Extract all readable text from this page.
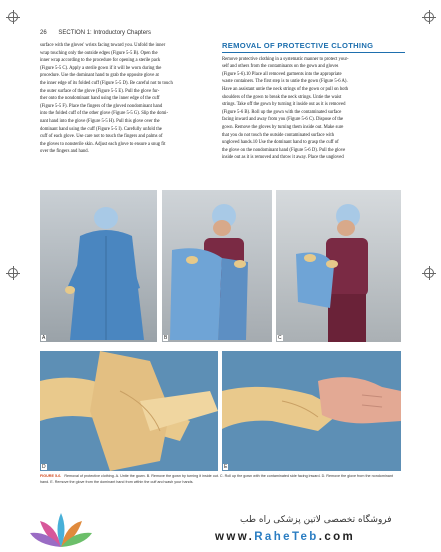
26 SECTION 1: Introductory Chapters
surface with the gloves' wrists facing toward you. Unfold the inner
wrap touching only the outside edges (Figure 5-5 B). Open the
inner wrap according to the procedure for opening a sterile pack
(Figure 5-5 C). Apply a sterile gown if it will be worn during the
procedure. Use the dominant hand to grab the opposite glove at
the inner edge of its folded cuff (Figure 5-5 D). Be careful not to touch
the outer surface of the glove (Figure 5-5 E). Pull the glove fur-
ther onto the nondominant hand using the inner edge of the cuff
(Figure 5-5 F). Place the fingers of the gloved nondominant hand
into the folded cuff of the other glove (Figure 5-5 G). Slip the domi-
nant hand into the glove (Figure 5-5 H). Pull this glove over the
dominant hand using the cuff (Figure 5-5 I). Carefully unfold the
cuff of each glove. Use care not to touch the fingers and palms of
the gloves to nonsterile skin. Adjust each glove to ensure a snug fit
over the fingers and hand.
REMOVAL OF PROTECTIVE CLOTHING
Remove protective clothing in a systematic manner to protect your-
self and others from the contaminants on the gown and gloves
(Figure 5-6).10 Place all removed garments into the appropriate
waste containers. The first step is to untie the gown (Figure 5-6 A).
Have an assistant untie the neck strings of the gown or pull on both
shoulders of the gown to break the neck strings. Untie the waist
strings. Take off the gown by turning it inside out as it is removed
(Figure 5-6 B). Roll up the gown with the contaminated surface
facing inward and away from you (Figure 5-6 C). Dispose of the
gown. Remove the gloves by turning them inside out. Make sure
that you do not touch the outside contaminated surface with
ungloved hands.10 Use the dominant hand to grasp the cuff of
the glove on the nondominant hand (Figure 5-6 D). Pull the glove
inside out as it is removed and throw it away. Place the ungloved
A	B	C
D	E
FIGURE 5-6. Removal of protective clothing. A. Untie the gown. B. Remove the gown by turning it inside out. C. Roll up the gown with the contaminated side facing inward. D. Remove the glove from the nondominant hand. E. Remove the glove from the dominant hand from within the cuff and wash your hands.
فروشگاه تخصصی لاتین پزشکی راه طب
www.RaheTeb.com
